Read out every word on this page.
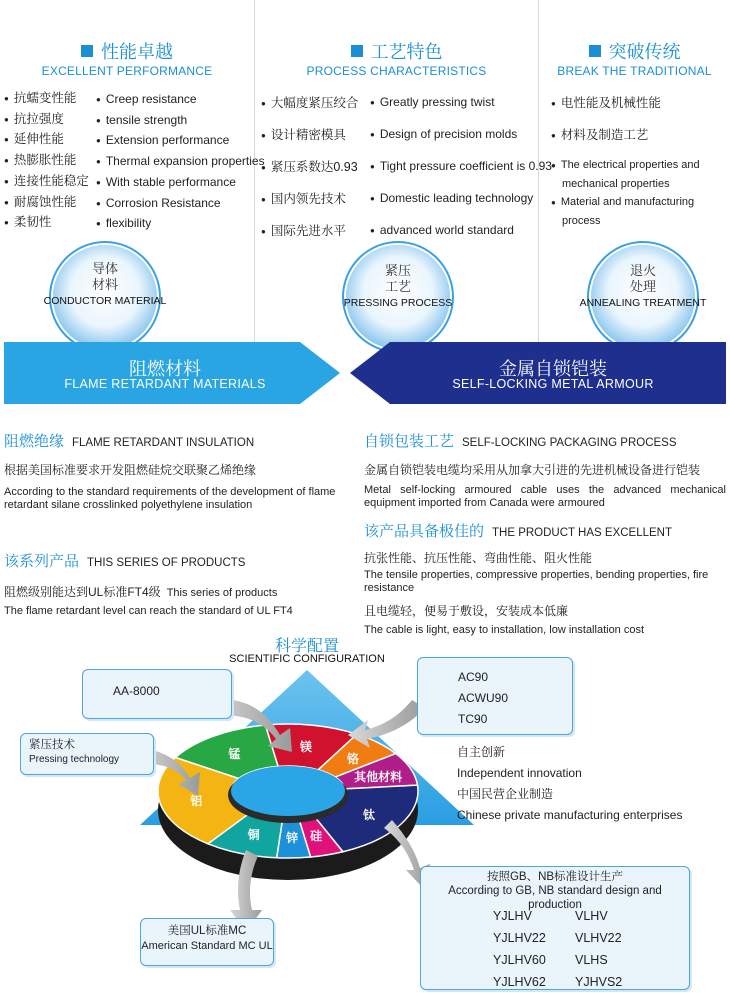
性能卓越
EXCELLENT PERFORMANCE
● 抗蠕变性能
● 抗拉强度
● 延伸性能
● 热膨胀性能
● 连接性能稳定
● 耐腐蚀性能
● 柔韧性
● Creep resistance
● tensile strength
● Extension performance
● Thermal expansion properties
● With stable performance
● Corrosion Resistance
● flexibility
导体
材料
CONDUCTOR MATERIAL
工艺特色
PROCESS CHARACTERISTICS
● 大幅度紧压绞合
● 设计精密模具
● 紧压系数达0.93
● 国内领先技术
● 国际先进水平
● Greatly pressing twist
● Design of precision molds
● Tight pressure coefficient is 0.93
● Domestic leading technology
● advanced world standard
紧压
工艺
PRESSING PROCESS
突破传统
BREAK THE TRADITIONAL
● 电性能及机械性能
● 材料及制造工艺
● The electrical properties and
mechanical properties
● Material and manufacturing
process
退火
处理
ANNEALING TREATMENT
阻燃材料
FLAME RETARDANT MATERIALS
金属自锁铠装
SELF-LOCKING METAL ARMOUR
阻燃绝缘 FLAME RETARDANT INSULATION
根据美国标准要求开发阻燃硅烷交联聚乙烯绝缘
According to the standard requirements of the development of flame retardant silane crosslinked polyethylene insulation
该系列产品 THIS SERIES OF PRODUCTS
阻燃级别能达到UL标准FT4级 This series of products
The flame retardant level can reach the standard of UL FT4
自锁包装工艺 SELF-LOCKING PACKAGING PROCESS
金属自锁铠装电缆均采用从加拿大引进的先进机械设备进行铠装
Metal self-locking armoured cable uses the advanced mechanical equipment imported from Canada were armoured
该产品具备极佳的 THE PRODUCT HAS EXCELLENT
抗张性能、抗压性能、弯曲性能、阻火性能
The tensile properties, compressive properties, bending properties, fire resistance
且电缆轻，便易于敷设，安装成本低廉
The cable is light, easy to installation, low installation cost
科学配置
SCIENTIFIC CONFIGURATION
锰
镁
铬
其他材料
钛
硅
锌
铜
铝
AA-8000
紧压技术
Pressing technology
AC90
ACWU90
TC90
自主创新
Independent innovation
中国民营企业制造
Chinese private manufacturing enterprises
按照GB、NB标准设计生产
According to GB, NB standard design and production
YJLHV
YJLHV22
YJLHV60
YJLHV62
VLHV
VLHV22
VLHS
YJHVS2
美国UL标准MC
American Standard MC UL
